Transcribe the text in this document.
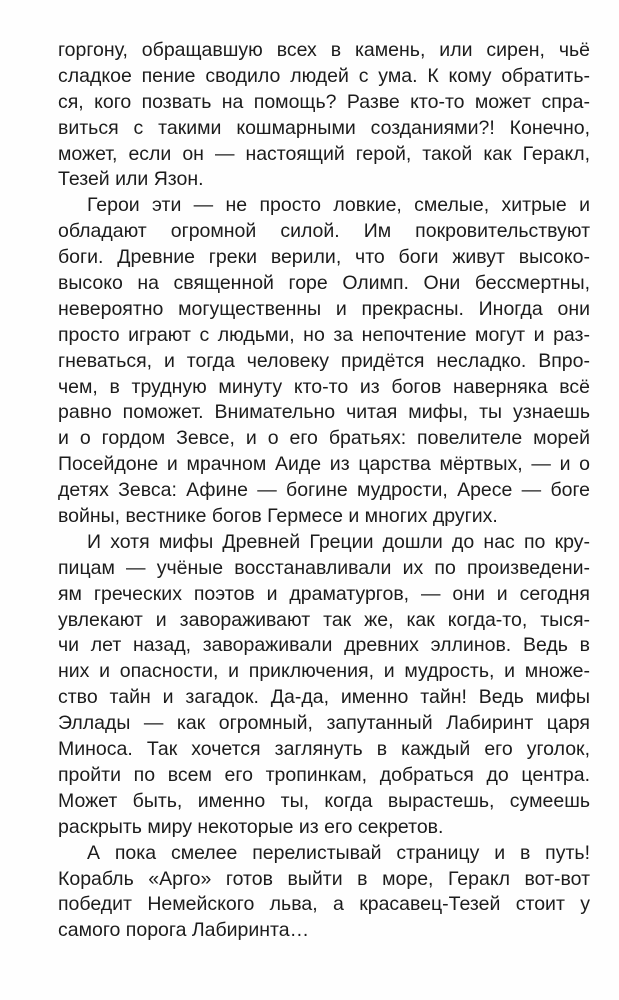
горгону, обращавшую всех в камень, или сирен, чьё
сладкое пение сводило людей с ума. К кому обратить-
ся, кого позвать на помощь? Разве кто-то может спра-
виться с такими кошмарными созданиями?! Конечно,
может, если он — настоящий герой, такой как Геракл,
Тезей или Язон.
Герои эти — не просто ловкие, смелые, хитрые и
обладают огромной силой. Им покровительствуют
боги. Древние греки верили, что боги живут высоко-
высоко на священной горе Олимп. Они бессмертны,
невероятно могущественны и прекрасны. Иногда они
просто играют с людьми, но за непочтение могут и раз-
гневаться, и тогда человеку придётся несладко. Впро-
чем, в трудную минуту кто-то из богов наверняка всё
равно поможет. Внимательно читая мифы, ты узнаешь
и о гордом Зевсе, и о его братьях: повелителе морей
Посейдоне и мрачном Аиде из царства мёртвых, — и о
детях Зевса: Афине — богине мудрости, Аресе — боге
войны, вестнике богов Гермесе и многих других.
И хотя мифы Древней Греции дошли до нас по кру-
пицам — учёные восстанавливали их по произведени-
ям греческих поэтов и драматургов, — они и сегодня
увлекают и завораживают так же, как когда-то, тыся-
чи лет назад, завораживали древних эллинов. Ведь в
них и опасности, и приключения, и мудрость, и множе-
ство тайн и загадок. Да-да, именно тайн! Ведь мифы
Эллады — как огромный, запутанный Лабиринт царя
Миноса. Так хочется заглянуть в каждый его уголок,
пройти по всем его тропинкам, добраться до центра.
Может быть, именно ты, когда вырастешь, сумеешь
раскрыть миру некоторые из его секретов.
А пока смелее перелистывай страницу и в путь!
Корабль «Арго» готов выйти в море, Геракл вот-вот
победит Немейского льва, а красавец-Тезей стоит у
самого порога Лабиринта…
